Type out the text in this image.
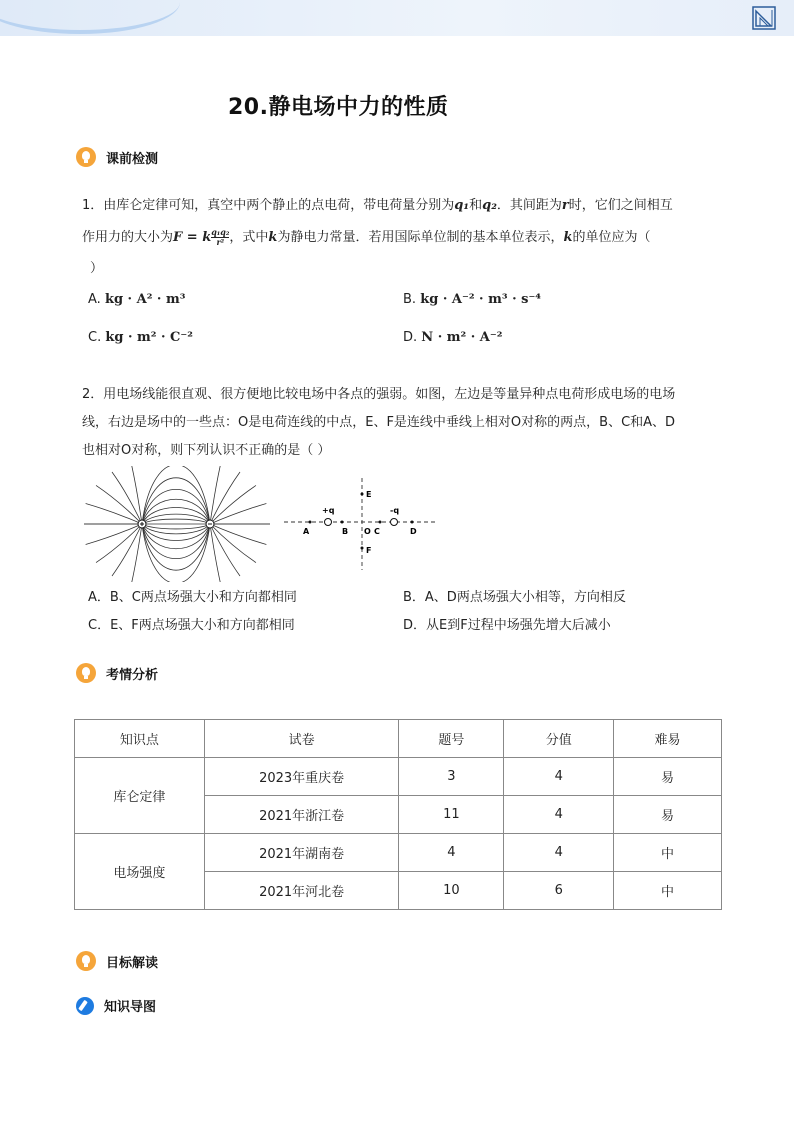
20.静电场中力的性质
课前检测
1．由库仑定律可知，真空中两个静止的点电荷，带电荷量分别为q₁和q₂．其间距为r时，它们之间相互
作用力的大小为F = k $\frac{\text{q₁q₂}}{\text{r²}}$ ，式中k为静电力常量．若用国际单位制的基本单位表示，k的单位应为（
）
A. kg · A² · m³	B. kg · A⁻² · m³ · s⁻⁴
C. kg · m² · C⁻²	D. N · m² · A⁻²
2．用电场线能很直观、很方便地比较电场中各点的强弱。如图，左边是等量异种点电荷形成电场的电场
线，右边是场中的一些点：O是电荷连线的中点，E、F是连线中垂线上相对O对称的两点，B、C和A、D
也相对O对称，则下列认识不正确的是（ ）
E
F
+q	-q
A	B O C	D
A．B、C两点场强大小和方向都相同	B．A、D两点场强大小相等，方向相反
C．E、F两点场强大小和方向都相同	D．从E到F过程中场强先增大后减小
考情分析
知识点	试卷	题号	分值	难易
库仑定律	2023年重庆卷	3	4	易
	2021年浙江卷	11	4	易
电场强度	2021年湖南卷	4	4	中
	2021年河北卷	10	6	中
目标解读
知识导图
